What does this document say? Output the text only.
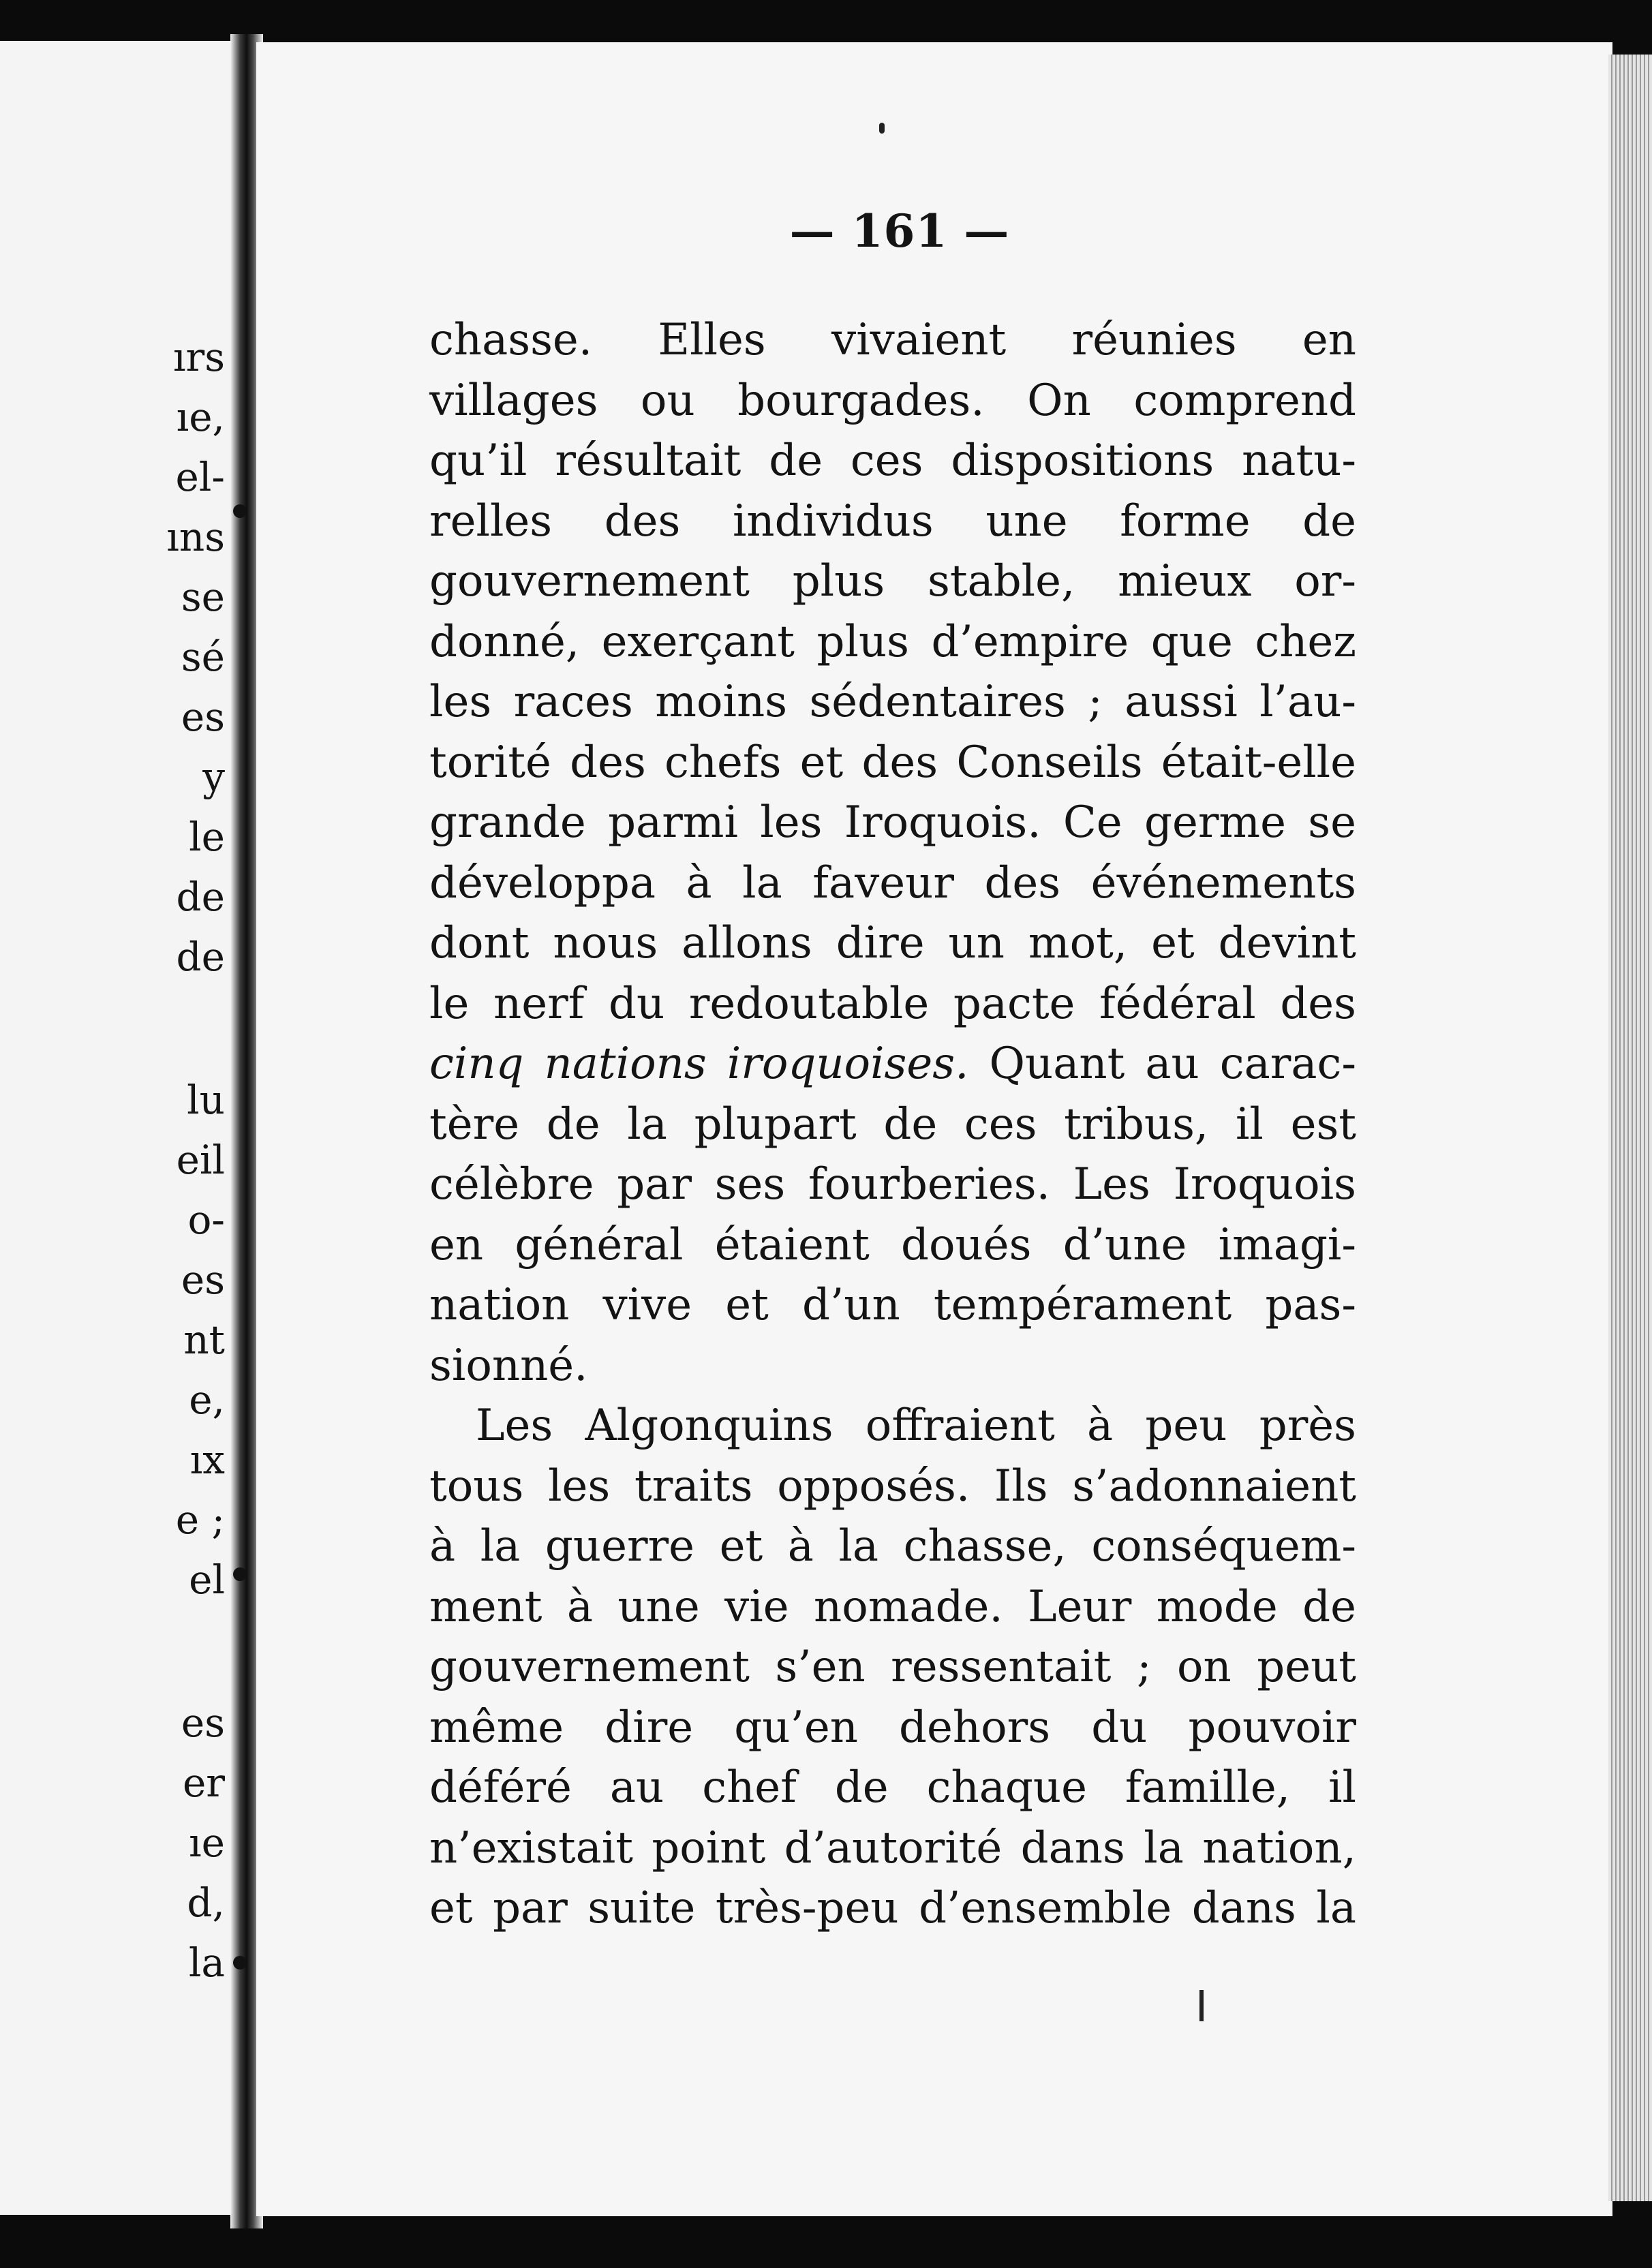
ırs
ıe,
el-
ıns
se
sé
es
y
le
de
de
lu
eil
o-
es
nt
e,
ıx
e ;
el
es
er
ıe
d,
la
— 161 —

chasse. Elles vivaient réunies en
villages ou bourgades. On comprend
qu’il résultait de ces dispositions natu-
relles des individus une forme de
gouvernement plus stable, mieux or-
donné, exerçant plus d’empire que chez
les races moins sédentaires ; aussi l’au-
torité des chefs et des Conseils était-elle
grande parmi les Iroquois. Ce germe se
développa à la faveur des événements
dont nous allons dire un mot, et devint
le nerf du redoutable pacte fédéral des
cinq nations iroquoises. Quant au carac-
tère de la plupart de ces tribus, il est
célèbre par ses fourberies. Les Iroquois
en général étaient doués d’une imagi-
nation vive et d’un tempérament pas-
sionné.

Les Algonquins offraient à peu près
tous les traits opposés. Ils s’adonnaient
à la guerre et à la chasse, conséquem-
ment à une vie nomade. Leur mode de
gouvernement s’en ressentait ; on peut
même dire qu’en dehors du pouvoir
déféré au chef de chaque famille, il
n’existait point d’autorité dans la nation,
et par suite très-peu d’ensemble dans la
